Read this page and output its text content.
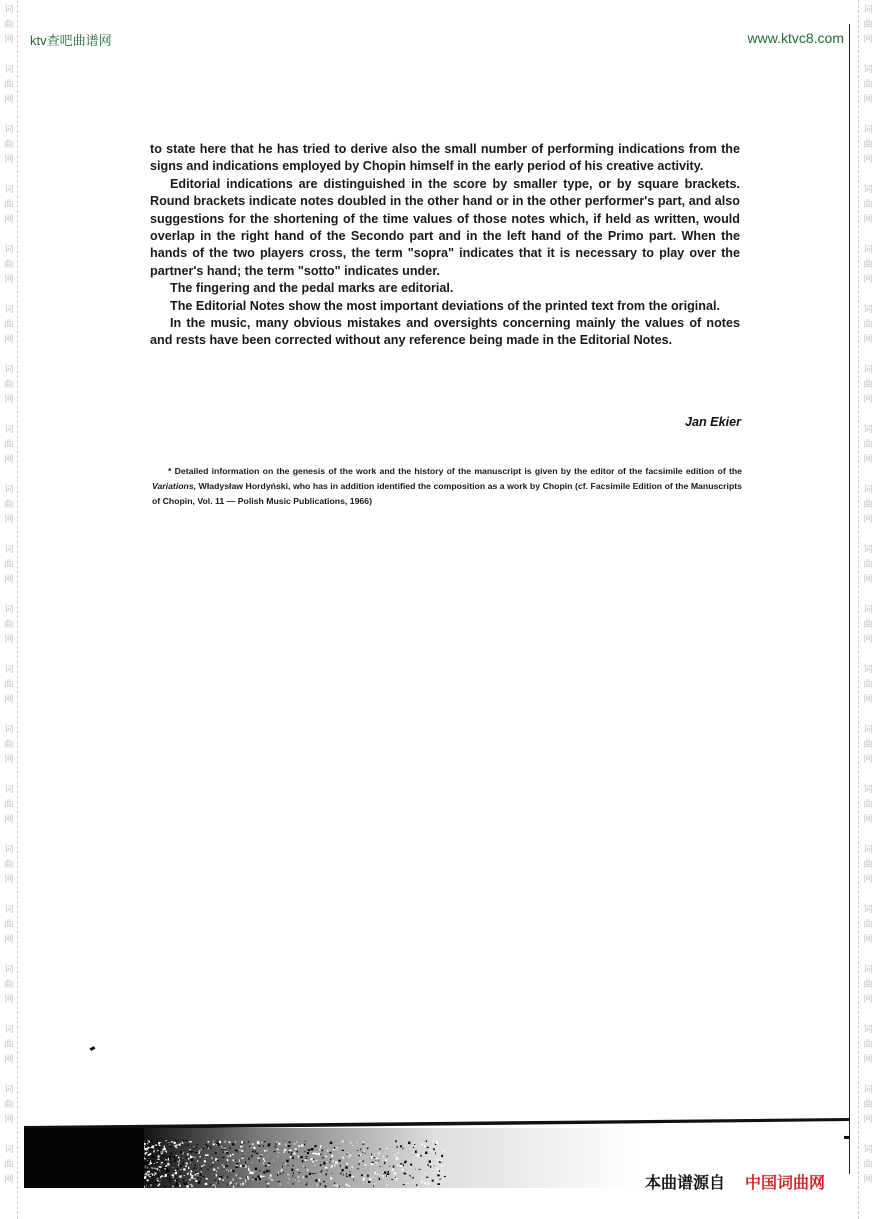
词
曲
网
词
曲
网
词
曲
网
词
曲
网
词
曲
网
词
曲
网
词
曲
网
词
曲
网
词
曲
网
词
曲
网
词
曲
网
词
曲
网
词
曲
网
词
曲
网
词
曲
网
词
曲
网
词
曲
网
词
曲
网
词
曲
网
词
曲
网
词
曲
网
词
曲
网
词
曲
网
词
曲
网
词
曲
网
词
曲
网
词
曲
网
词
曲
网
词
曲
网
词
曲
网
词
曲
网
词
曲
网
词
曲
网
词
曲
网
词
曲
网
词
曲
网
词
曲
网
词
曲
网
词
曲
网
词
曲
网
ktv查吧曲谱网	www.ktvc8.com

to state here that he has tried to derive also the small number of performing indications from the signs and indications employed by Chopin himself in the early period of his creative activity.

Editorial indications are distinguished in the score by smaller type, or by square brackets. Round brackets indicate notes doubled in the other hand or in the other performer's part, and also suggestions for the shortening of the time values of those notes which, if held as written, would overlap in the right hand of the Secondo part and in the left hand of the Primo part. When the hands of the two players cross, the term "sopra" indicates that it is necessary to play over the partner's hand; the term "sotto" indicates under.

The fingering and the pedal marks are editorial.

The Editorial Notes show the most important deviations of the printed text from the original.

In the music, many obvious mistakes and oversights concerning mainly the values of notes and rests have been corrected without any reference being made in the Editorial Notes.

Jan Ekier

* Detailed information on the genesis of the work and the history of the manuscript is given by the editor of the facsimile edition of the Variations, Władysław Hordyński, who has in addition identified the composition as a work by Chopin (cf. Facsimile Edition of the Manuscripts of Chopin, Vol. 11 — Polish Music Publications, 1966)

本曲谱源自 中国词曲网
